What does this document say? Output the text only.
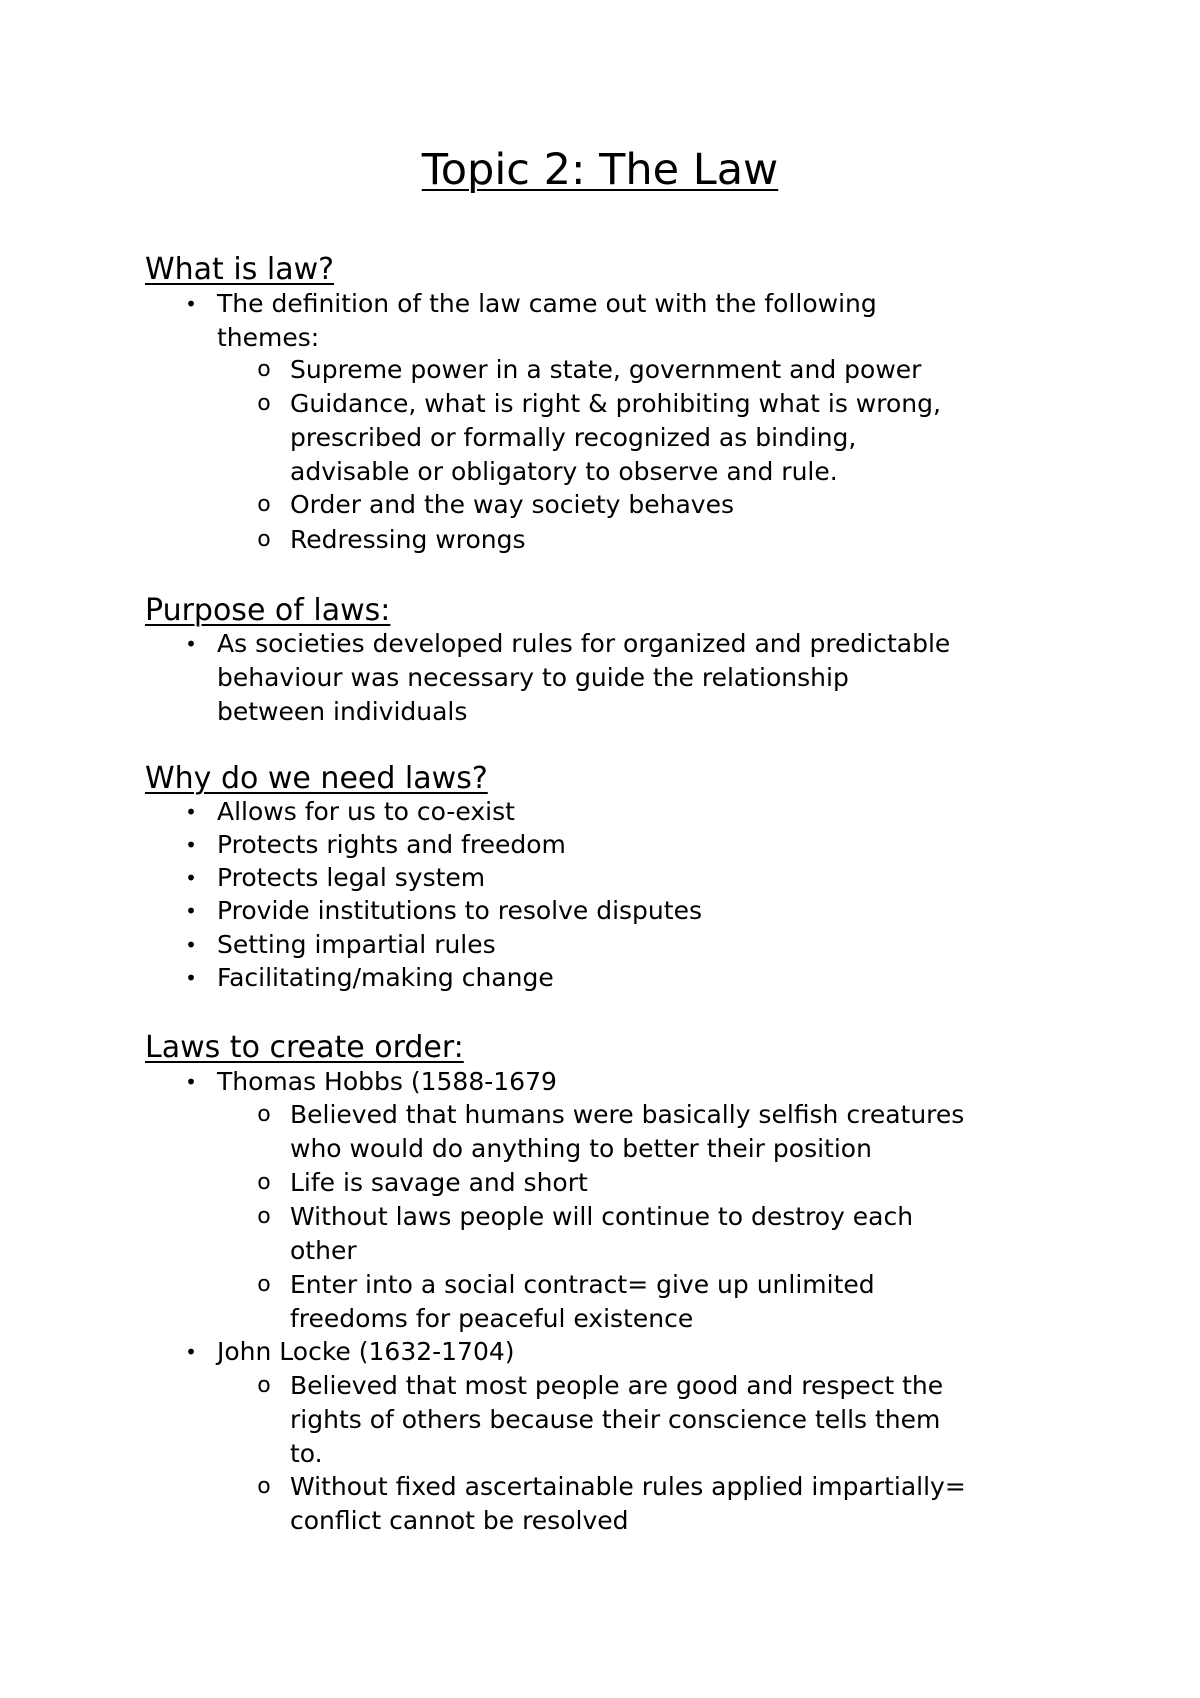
Topic 2: The Law
What is law?
• The definition of the law came out with the following
themes:
o Supreme power in a state, government and power
o Guidance, what is right & prohibiting what is wrong,
prescribed or formally recognized as binding,
advisable or obligatory to observe and rule.
o Order and the way society behaves
o Redressing wrongs
Purpose of laws:
• As societies developed rules for organized and predictable
behaviour was necessary to guide the relationship
between individuals
Why do we need laws?
• Allows for us to co-exist
• Protects rights and freedom
• Protects legal system
• Provide institutions to resolve disputes
• Setting impartial rules
• Facilitating/making change
Laws to create order:
• Thomas Hobbs (1588-1679
o Believed that humans were basically selfish creatures
who would do anything to better their position
o Life is savage and short
o Without laws people will continue to destroy each
other
o Enter into a social contract= give up unlimited
freedoms for peaceful existence
• John Locke (1632-1704)
o Believed that most people are good and respect the
rights of others because their conscience tells them
to.
o Without fixed ascertainable rules applied impartially=
conflict cannot be resolved
